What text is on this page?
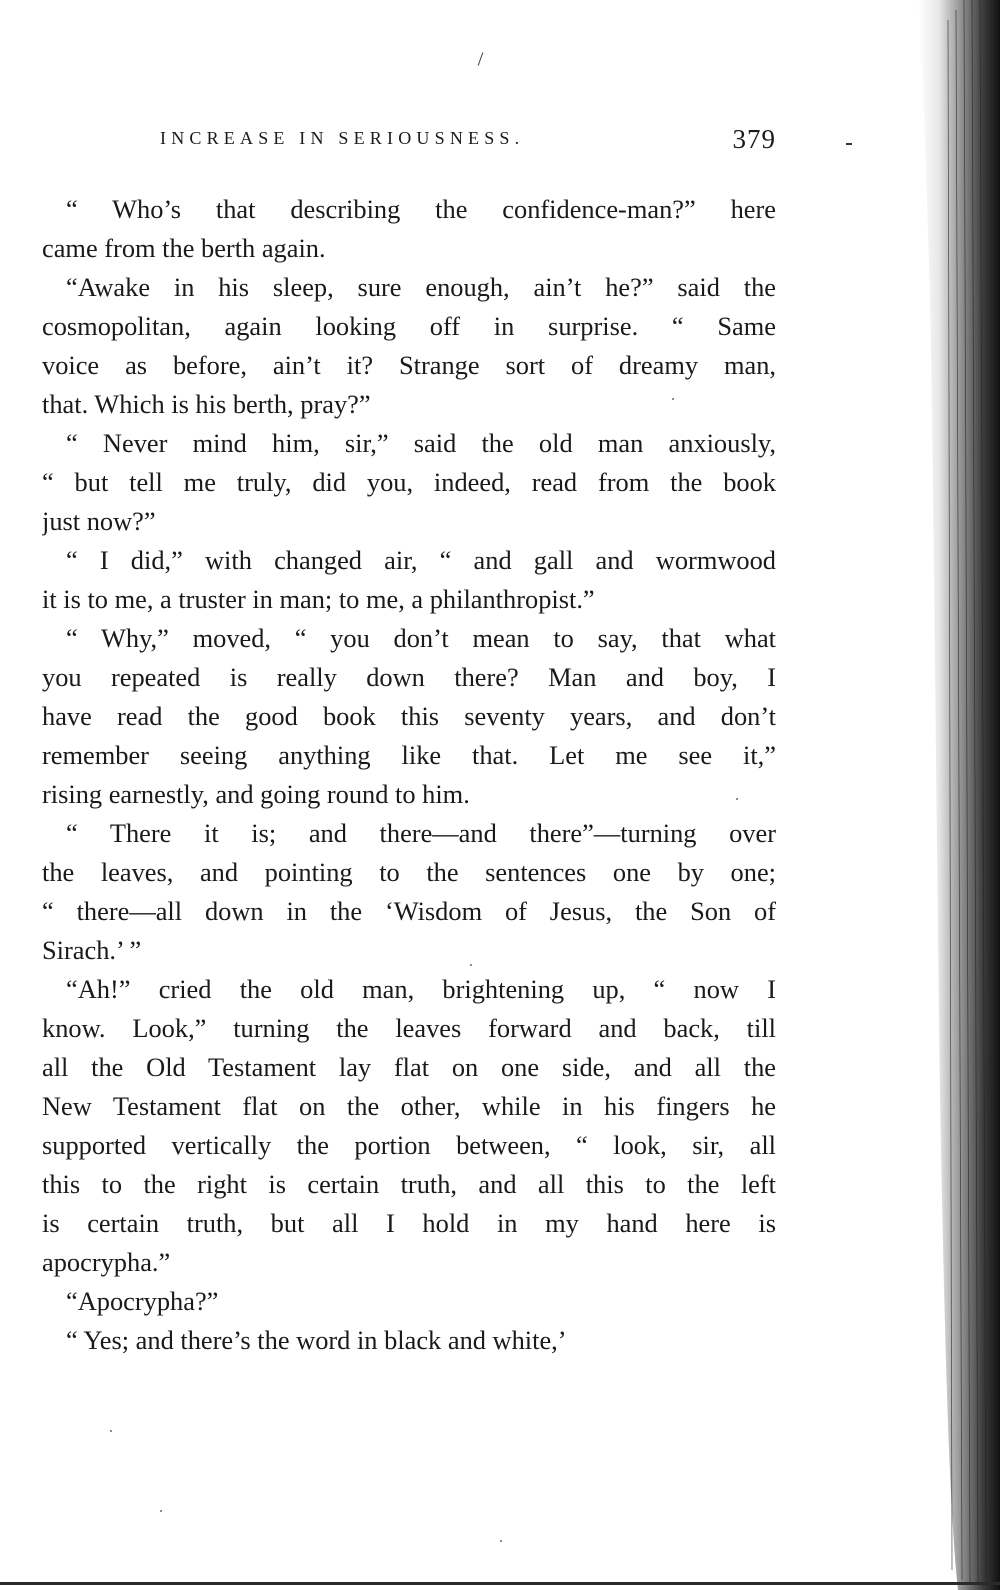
INCREASE IN SERIOUSNESS.	379

“ Who’s that describing the confidence-man?” here
came from the berth again.

“Awake in his sleep, sure enough, ain’t he?” said the
cosmopolitan, again looking off in surprise. “ Same
voice as before, ain’t it? Strange sort of dreamy man,
that. Which is his berth, pray?”

“ Never mind him, sir,” said the old man anxiously,
“ but tell me truly, did you, indeed, read from the book
just now?”

“ I did,” with changed air, “ and gall and wormwood
it is to me, a truster in man; to me, a philanthropist.”

“ Why,” moved, “ you don’t mean to say, that what
you repeated is really down there? Man and boy, I
have read the good book this seventy years, and don’t
remember seeing anything like that. Let me see it,”
rising earnestly, and going round to him.

“ There it is; and there—and there”—turning over
the leaves, and pointing to the sentences one by one;
“ there—all down in the ‘Wisdom of Jesus, the Son of
Sirach.’ ”

“Ah!” cried the old man, brightening up, “ now I
know. Look,” turning the leaves forward and back, till
all the Old Testament lay flat on one side, and all the
New Testament flat on the other, while in his fingers he
supported vertically the portion between, “ look, sir, all
this to the right is certain truth, and all this to the left
is certain truth, but all I hold in my hand here is
apocrypha.”

“Apocrypha?”

“ Yes; and there’s the word in black and white,’
